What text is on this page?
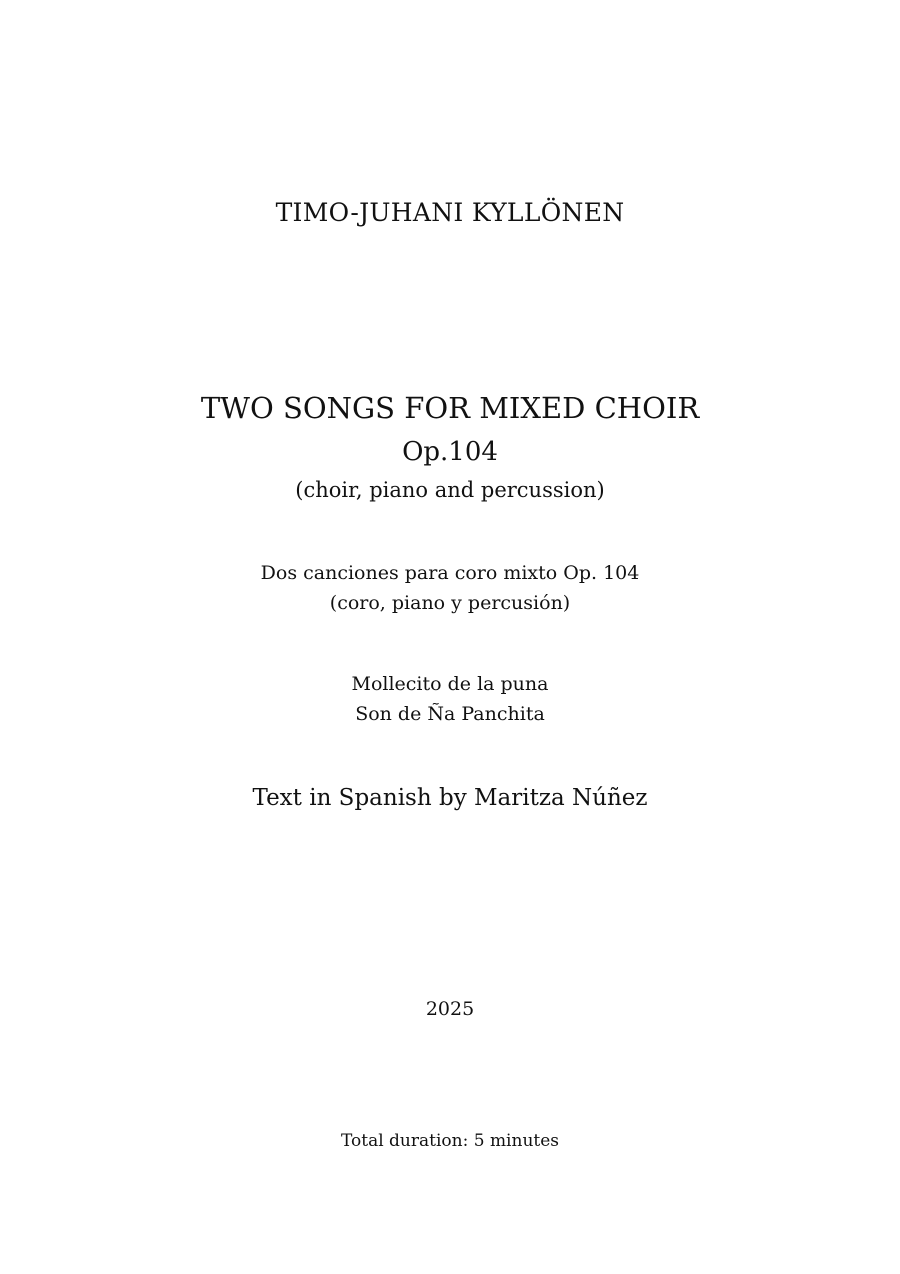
TIMO-JUHANI KYLLÖNEN
TWO SONGS FOR MIXED CHOIR
Op.104
(choir, piano and percussion)
Dos canciones para coro mixto Op. 104
(coro, piano y percusión)
Mollecito de la puna
Son de Ña Panchita
Text in Spanish by Maritza Núñez
2025
Total duration: 5 minutes
